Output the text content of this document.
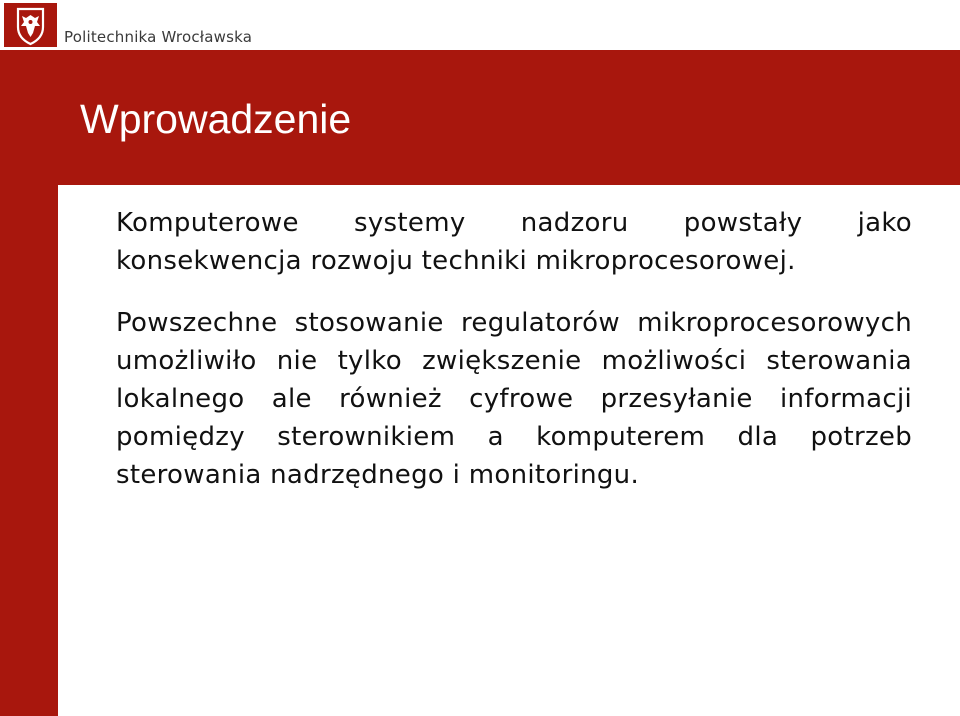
Politechnika Wrocławska
Wprowadzenie

Komputerowe systemy nadzoru powstały jako konsekwencja rozwoju techniki mikroprocesorowej.

Powszechne stosowanie regulatorów mikroprocesorowych umożliwiło nie tylko zwiększenie możliwości sterowania lokalnego ale również cyfrowe przesyłanie informacji pomiędzy sterownikiem a komputerem dla potrzeb sterowania nadrzędnego i monitoringu.
